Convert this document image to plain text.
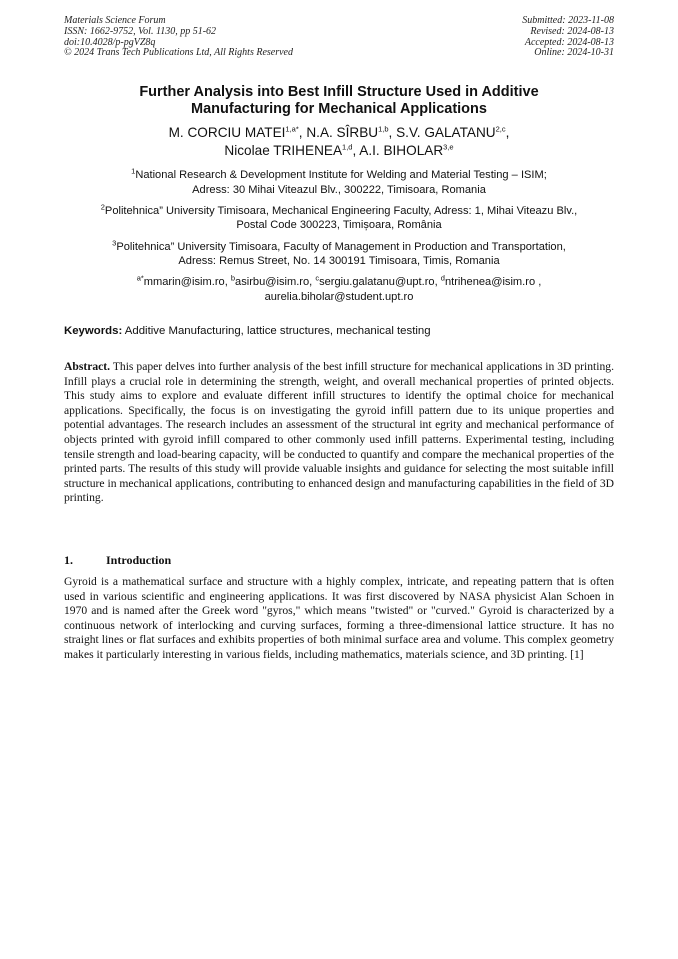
Materials Science Forum
ISSN: 1662-9752, Vol. 1130, pp 51-62
doi:10.4028/p-pgVZ8q
© 2024 Trans Tech Publications Ltd, All Rights Reserved
Submitted: 2023-11-08
Revised: 2024-08-13
Accepted: 2024-08-13
Online: 2024-10-31
Further Analysis into Best Infill Structure Used in Additive
Manufacturing for Mechanical Applications
M. CORCIU $MATEI^{1,a*}$, N.A. SÎRBU$^{1,b}$, S.V. GALATANU$^{2,c}$,
Nicolae TRIHENEA$^{1,d}$, A.I. BIHOLAR$^{3,e}$
$^1$National Research & Development Institute for Welding and Material Testing – ISIM;
Adress: 30 Mihai Viteazul Blv., 300222, Timisoara, Romania
$^2$Politehnica” University Timisoara, Mechanical Engineering Faculty, Adress: 1, Mihai Viteazu Blv.,
Postal Code 300223, Timișoara, România
$^3$Politehnica” University Timisoara, Faculty of Management in Production and Transportation,
Adress: Remus Street, No. 14 300191 Timisoara, Timis, Romania
$^{a*}$mmarin@isim.ro, $^b$asirbu@isim.ro, $^c$sergiu.galatanu@upt.ro, $^d$ntrihenea@isim.ro ,
aurelia.biholar@student.upt.ro
Keywords: Additive Manufacturing, lattice structures, mechanical testing
Abstract. This paper delves into further analysis of the best infill structure for mechanical applications in 3D printing. Infill plays a crucial role in determining the strength, weight, and overall mechanical properties of printed objects. This study aims to explore and evaluate different infill structures to identify the optimal choice for mechanical applications. Specifically, the focus is on investigating the gyroid infill pattern due to its unique properties and potential advantages. The research includes an assessment of the structural int egrity and mechanical performance of objects printed with gyroid infill compared to other commonly used infill patterns. Experimental testing, including tensile strength and load-bearing capacity, will be conducted to quantify and compare the mechanical properties of the printed parts. The results of this study will provide valuable insights and guidance for selecting the most suitable infill structure in mechanical applications, contributing to enhanced design and manufacturing capabilities in the field of 3D printing.
1.	Introduction
Gyroid is a mathematical surface and structure with a highly complex, intricate, and repeating pattern that is often used in various scientific and engineering applications. It was first discovered by NASA physicist Alan Schoen in 1970 and is named after the Greek word "gyros," which means "twisted" or "curved." Gyroid is characterized by a continuous network of interlocking and curving surfaces, forming a three-dimensional lattice structure. It has no straight lines or flat surfaces and exhibits properties of both minimal surface area and volume. This complex geometry makes it particularly interesting in various fields, including mathematics, materials science, and 3D printing. [1]
